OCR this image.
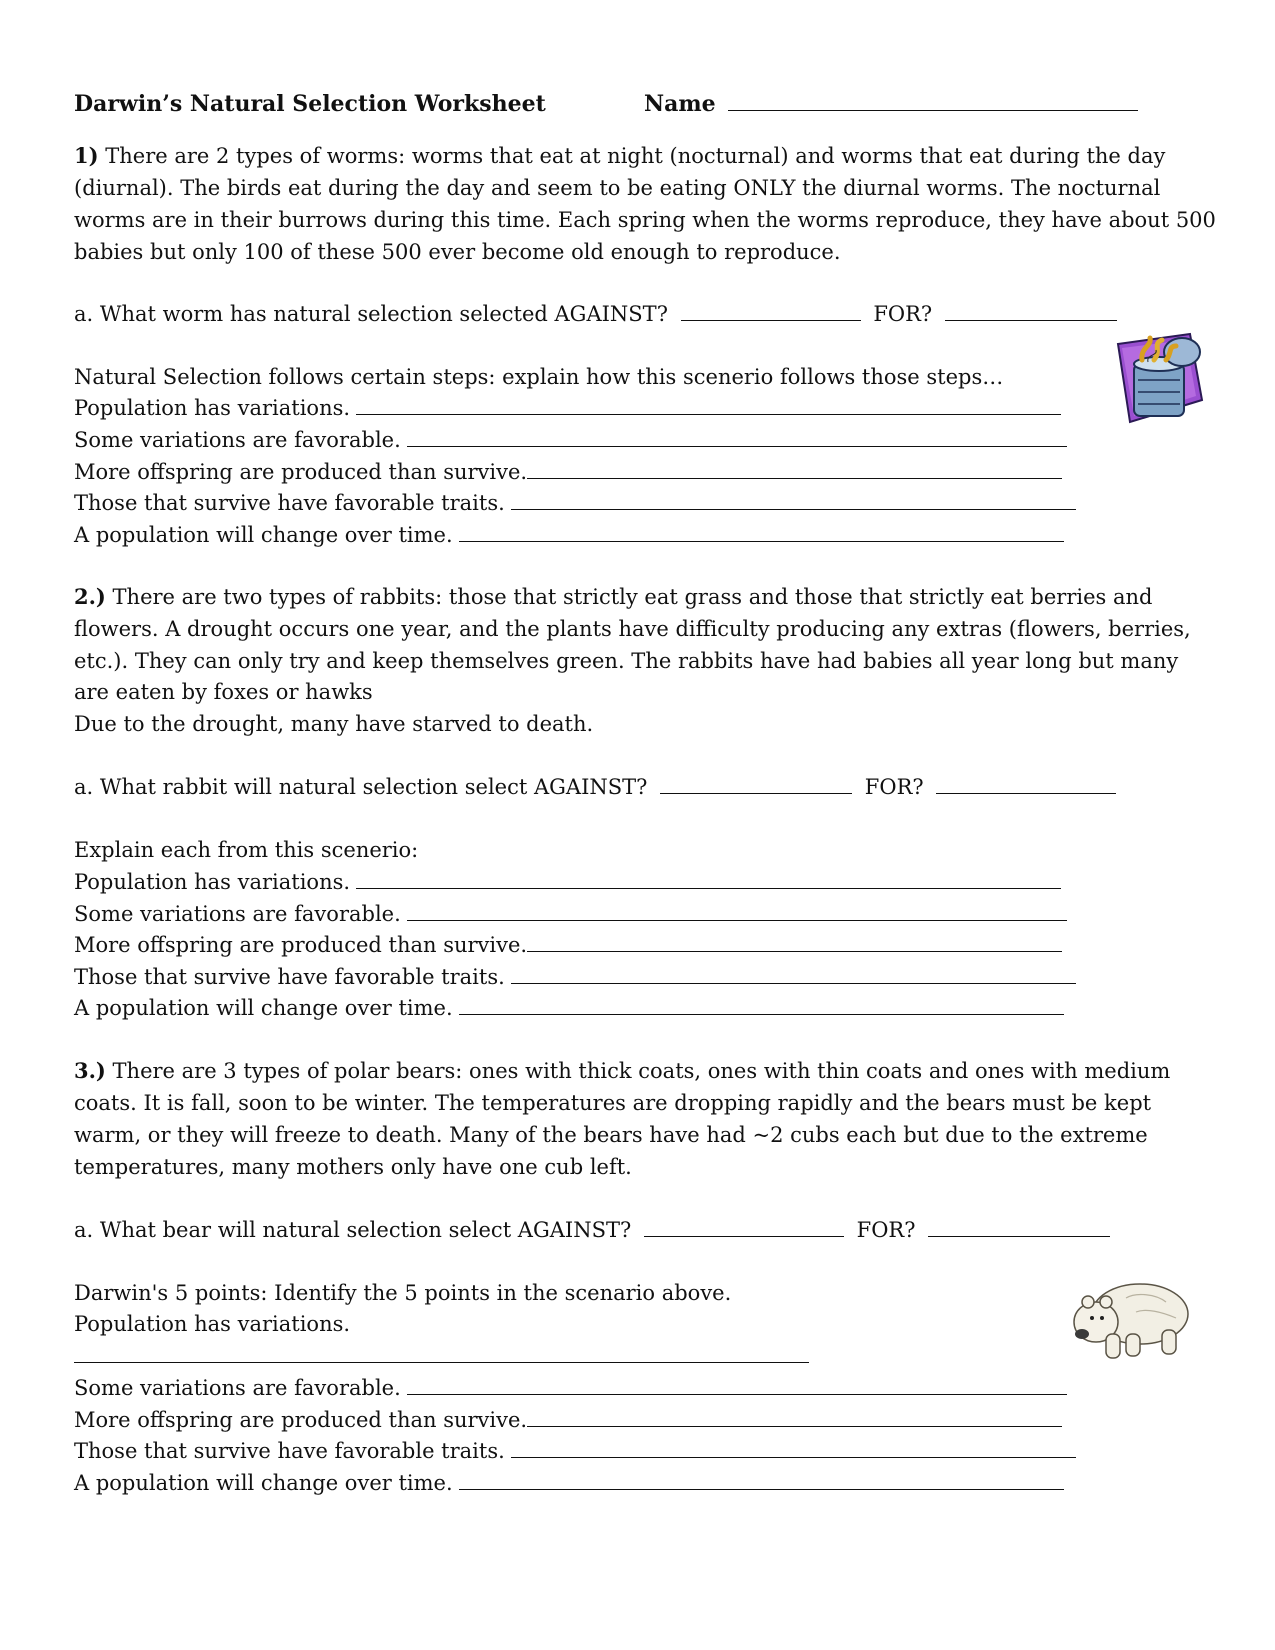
Darwin’s Natural Selection Worksheet	Name
1) There are 2 types of worms: worms that eat at night (nocturnal) and worms that eat during the day
(diurnal). The birds eat during the day and seem to be eating ONLY the diurnal worms. The nocturnal
worms are in their burrows during this time. Each spring when the worms reproduce, they have about 500
babies but only 100 of these 500 ever become old enough to reproduce.
a. What worm has natural selection selected AGAINST?	FOR?
Natural Selection follows certain steps: explain how this scenerio follows those steps…
Population has variations.
Some variations are favorable.
More offspring are produced than survive.
Those that survive have favorable traits.
A population will change over time.
2.) There are two types of rabbits: those that strictly eat grass and those that strictly eat berries and
flowers. A drought occurs one year, and the plants have difficulty producing any extras (flowers, berries,
etc.). They can only try and keep themselves green. The rabbits have had babies all year long but many
are eaten by foxes or hawks
Due to the drought, many have starved to death.
a. What rabbit will natural selection select AGAINST?	FOR?
Explain each from this scenerio:
Population has variations.
Some variations are favorable.
More offspring are produced than survive.
Those that survive have favorable traits.
A population will change over time.
3.) There are 3 types of polar bears: ones with thick coats, ones with thin coats and ones with medium
coats. It is fall, soon to be winter. The temperatures are dropping rapidly and the bears must be kept
warm, or they will freeze to death. Many of the bears have had ~2 cubs each but due to the extreme
temperatures, many mothers only have one cub left.
a. What bear will natural selection select AGAINST?	FOR?
Darwin's 5 points: Identify the 5 points in the scenario above.
Population has variations.
Some variations are favorable.
More offspring are produced than survive.
Those that survive have favorable traits.
A population will change over time.
